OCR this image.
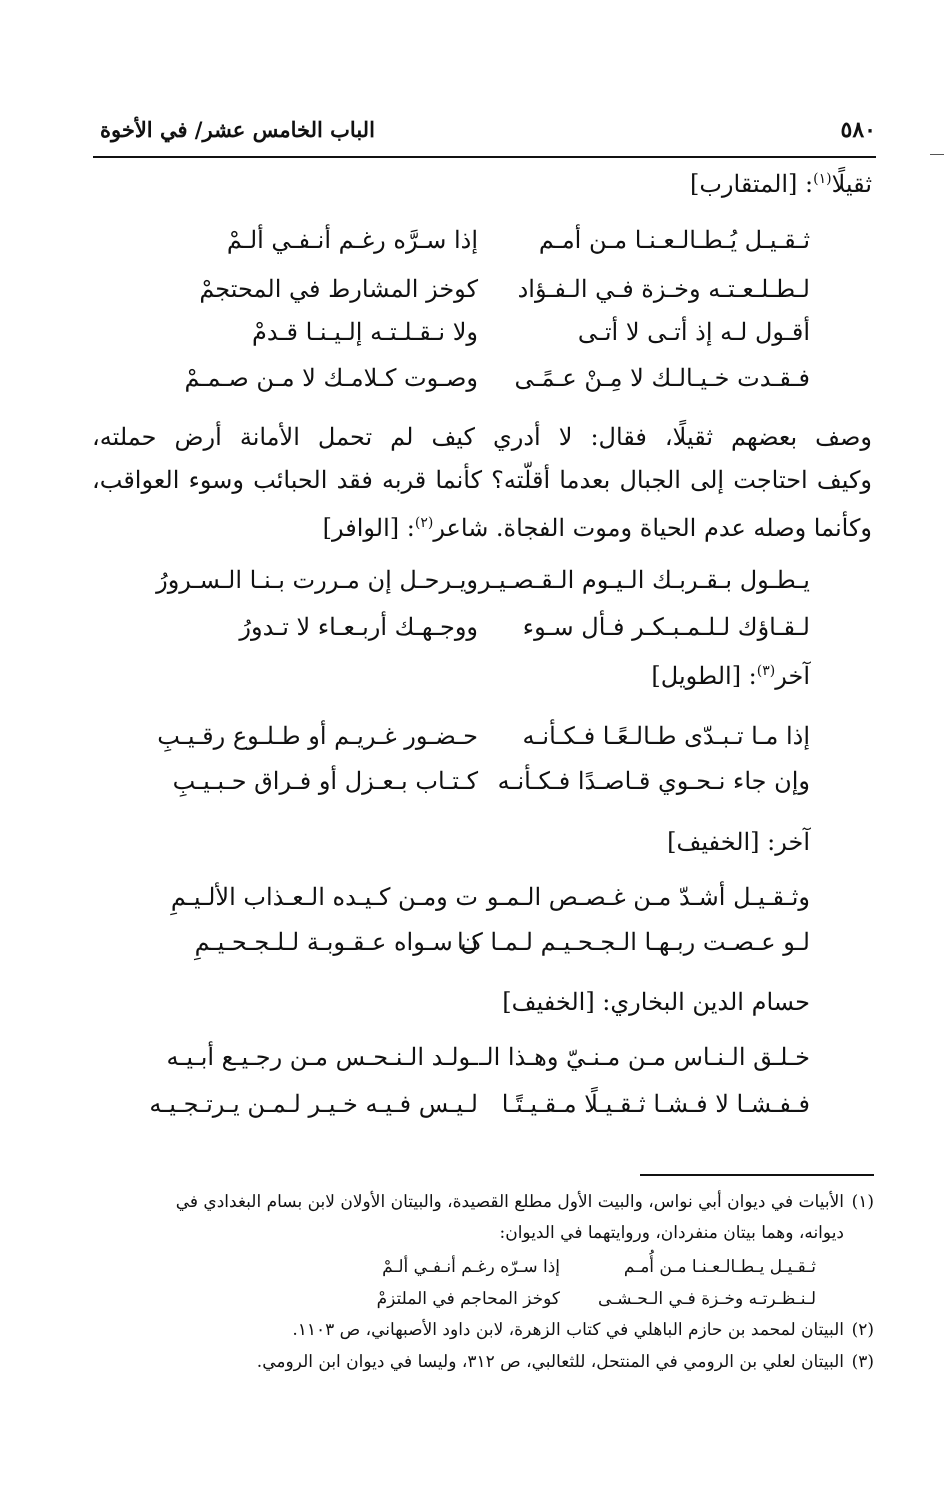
٥٨٠
الباب الخامس عشر/ في الأخوة
ثقيلًا$^{(١)}$: [المتقارب]
ثـقـيـل يُـطـالـعـنـا مـن أمـم
إذا سـرَّه رغـم أنـفـي ألـمْ
لـطـلـعـتـه وخـزة فـي الـفـؤاد
كوخز المشارط في المحتجمْ
أقـول لـه إذ أتـى لا أتـى
ولا نـقـلـتـه إلـيـنـا قـدمْ
فـقـدت خـيـالـك لا مِـنْ عـمًـى
وصـوت كـلامـك لا مـن صـمـمْ

وصف بعضهم ثقيلًا، فقال: لا أدري كيف لم تحمل الأمانة أرض حملته،

وكيف احتاجت إلى الجبال بعدما أقلّته؟ كأنما قربه فقد الحبائب وسوء العواقب،

وكأنما وصله عدم الحياة وموت الفجاة. شاعر$^{(٢)}$: [الوافر]

يـطـول بـقـربـك الـيـوم الـقـصـيـر
ويـرحـل إن مـررت بـنـا الـسـرورُ
لـقـاؤك لـلـمـبـكـر فـأل سـوء
ووجـهـك أربـعـاء لا تـدورُ
آخر$^{(٣)}$: [الطويل]
إذا مـا تـبـدّى طـالـعًـا فـكـأنـه
حـضـور غـريـم أو طـلـوع رقـيـبِ
وإن جاء نـحـوي قـاصـدًا فـكـأنـه
كـتـاب بـعـزل أو فـراق حـبـيـبِ
آخر: [الخفيف]
وثـقـيـل أشـدّ مـن غـصـص الـمـو
ت ومـن كـيـده الـعـذاب الألـيـمِ
لـو عـصـت ربـهـا الـجـحـيـم لـمـا كـا
ن سـواه عـقـوبـة لـلـجـحـيـمِ
حسام الدين البخاري: [الخفيف]
خـلـق الـنـاس مـن مـنـيّ وهـذا الـ
ـولـد الـنـحـس مـن رجـيـع أبـيـه
فـفـشـا لا فـشـا ثـقـيـلًا مـقـيـتًـا
لـيـس فـيـه خـيـر لـمـن يـرتـجـيـه
(١)الأبيات في ديوان أبي نواس، والبيت الأول مطلع القصيدة، والبيتان الأولان لابن بسام البغدادي في
ديوانه، وهما بيتان منفردان، وروايتهما في الديوان:
ثـقـيـل يـطـالـعـنـا مـن أُمـم
إذا سـرّه رغـم أنـفـي ألـمْ
لـنـظـرتـه وخـزة فـي الـحـشـى
كوخز المحاجم في الملتزمْ
(٢)البيتان لمحمد بن حازم الباهلي في كتاب الزهرة، لابن داود الأصبهاني، ص ١١٠٣.
(٣)البيتان لعلي بن الرومي في المنتحل، للثعالبي، ص ٣١٢، وليسا في ديوان ابن الرومي.
